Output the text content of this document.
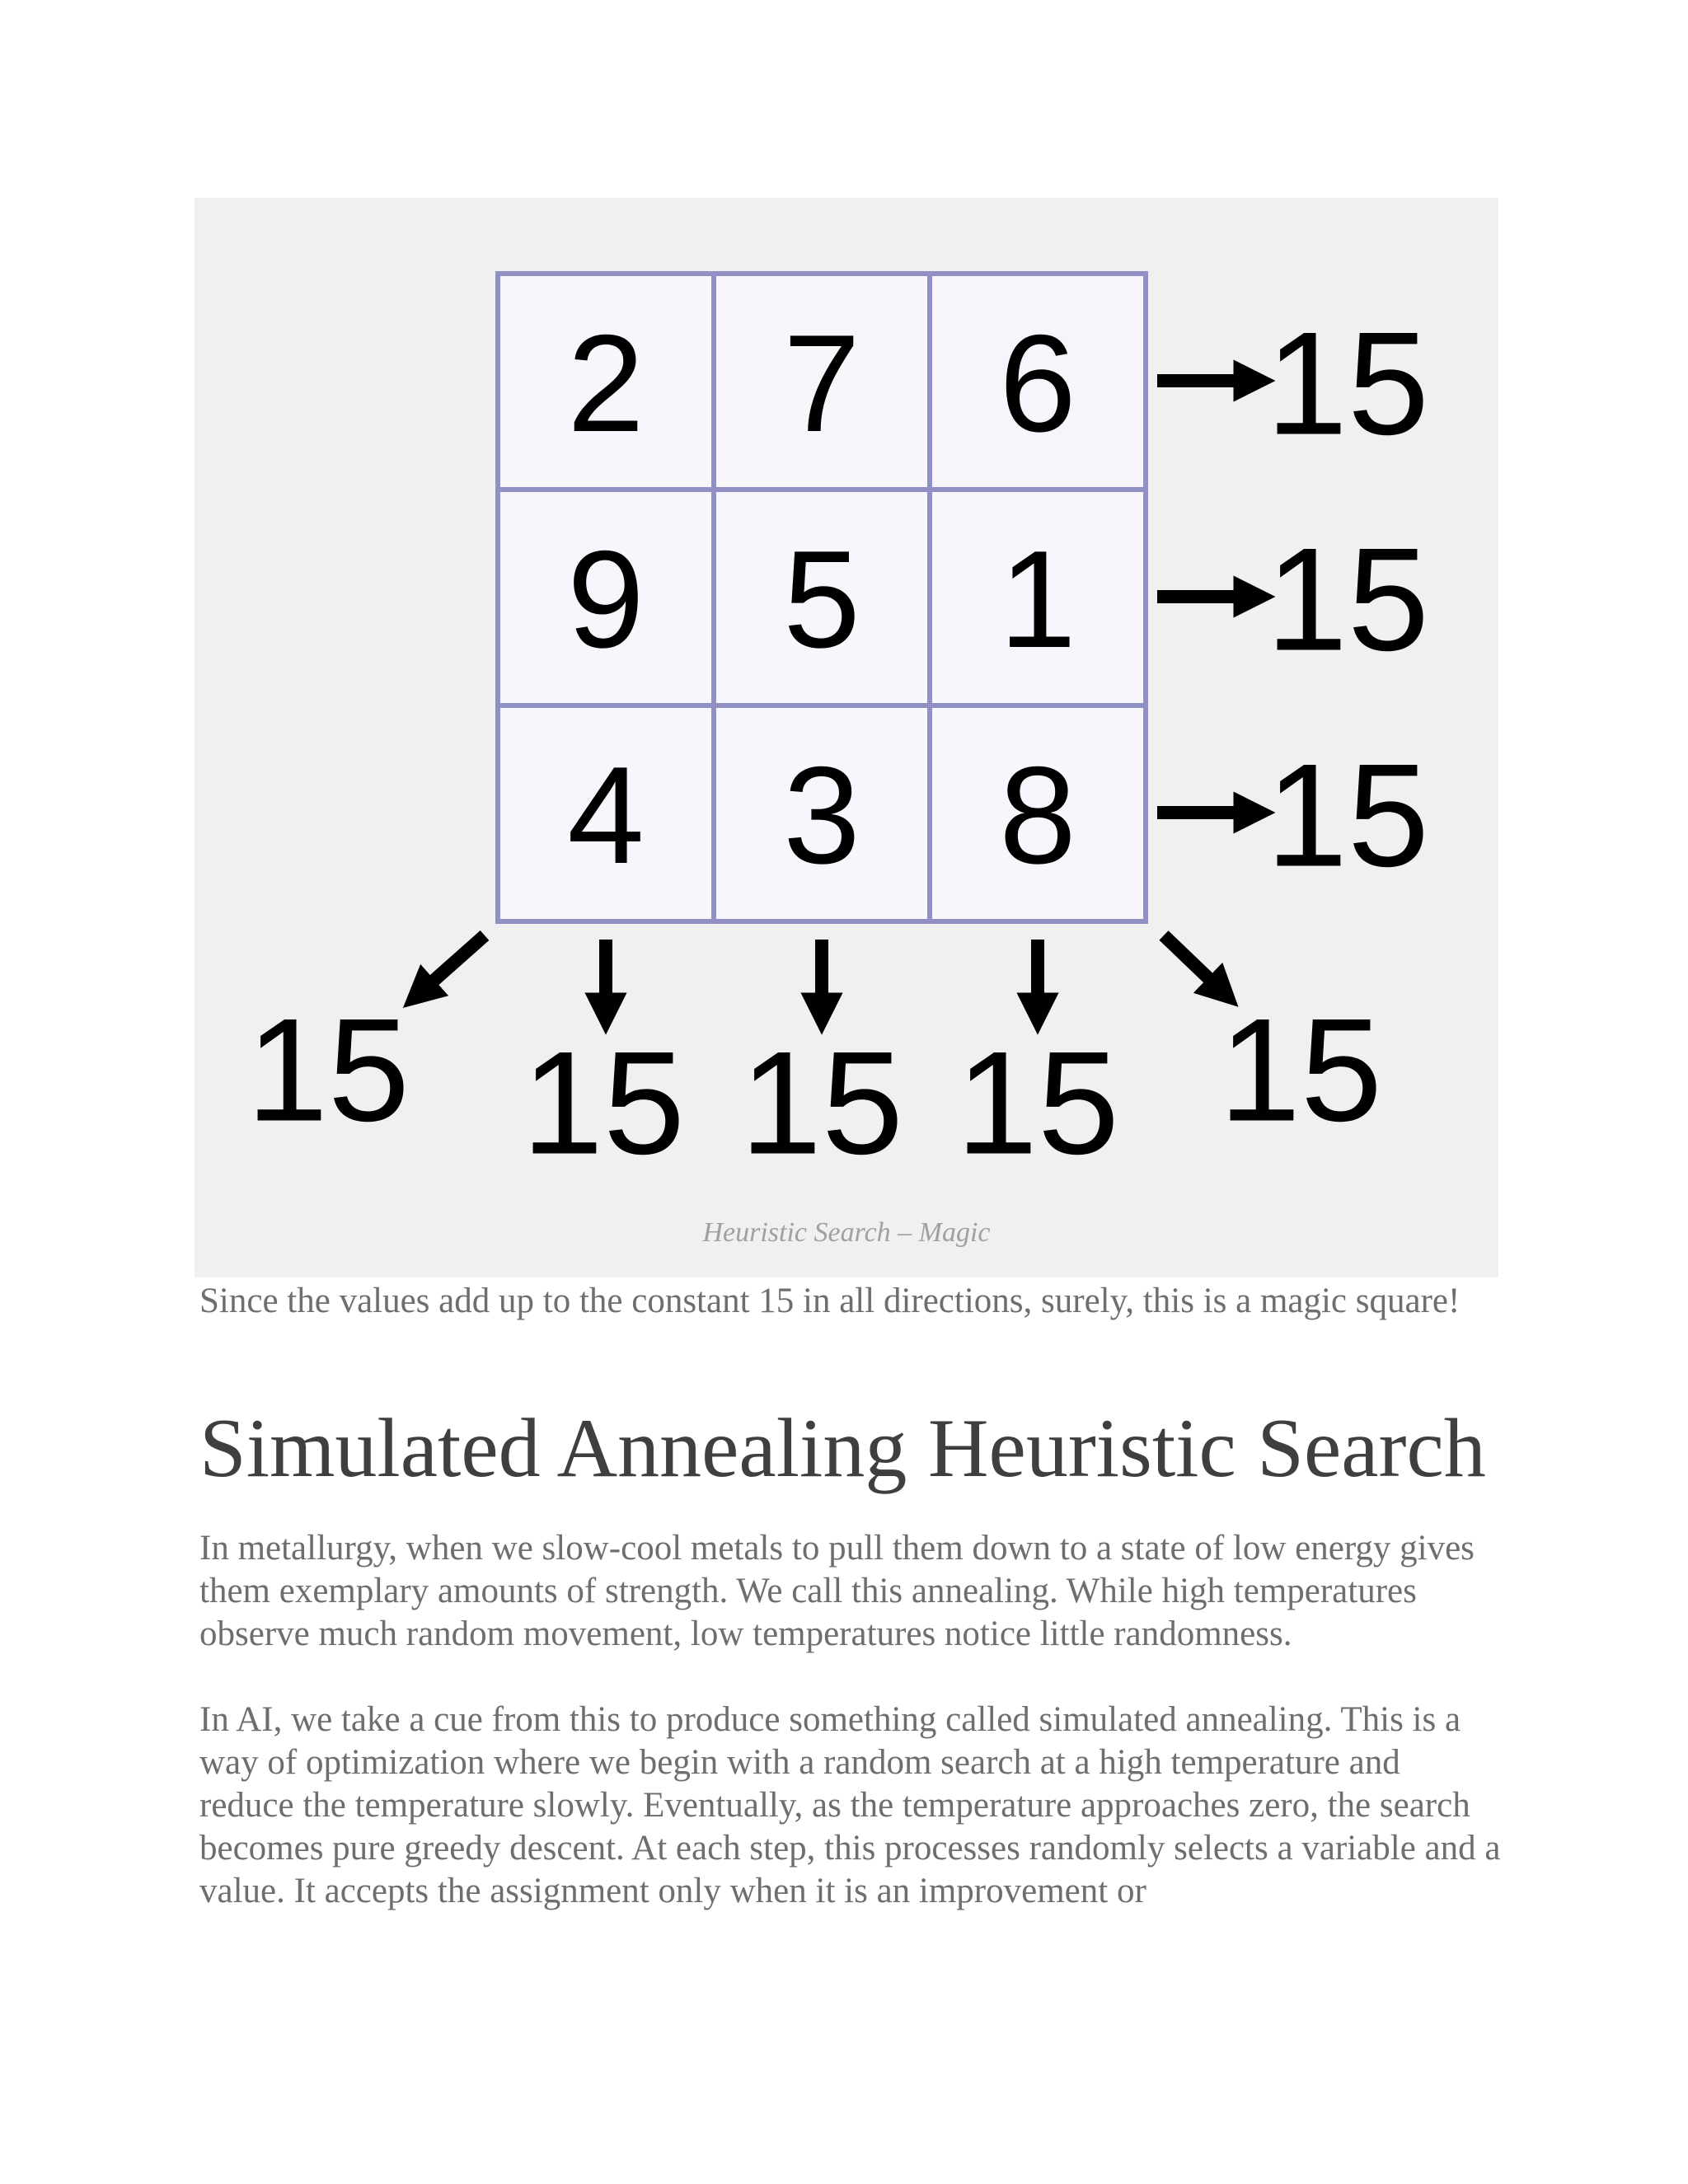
2 7 6
9 5 1
4 3 8
15
15
15
15 15 15 15 15
Heuristic Search – Magic
Since the values add up to the constant 15 in all directions, surely, this is a magic square!
Simulated Annealing Heuristic Search

In metallurgy, when we slow-cool metals to pull them down to a state of low energy gives them exemplary amounts of strength. We call this annealing. While high temperatures observe much random movement, low temperatures notice little randomness.

In AI, we take a cue from this to produce something called simulated annealing. This is a way of optimization where we begin with a random search at a high temperature and reduce the temperature slowly. Eventually, as the temperature approaches zero, the search becomes pure greedy descent. At each step, this processes randomly selects a variable and a value. It accepts the assignment only when it is an improvement or
